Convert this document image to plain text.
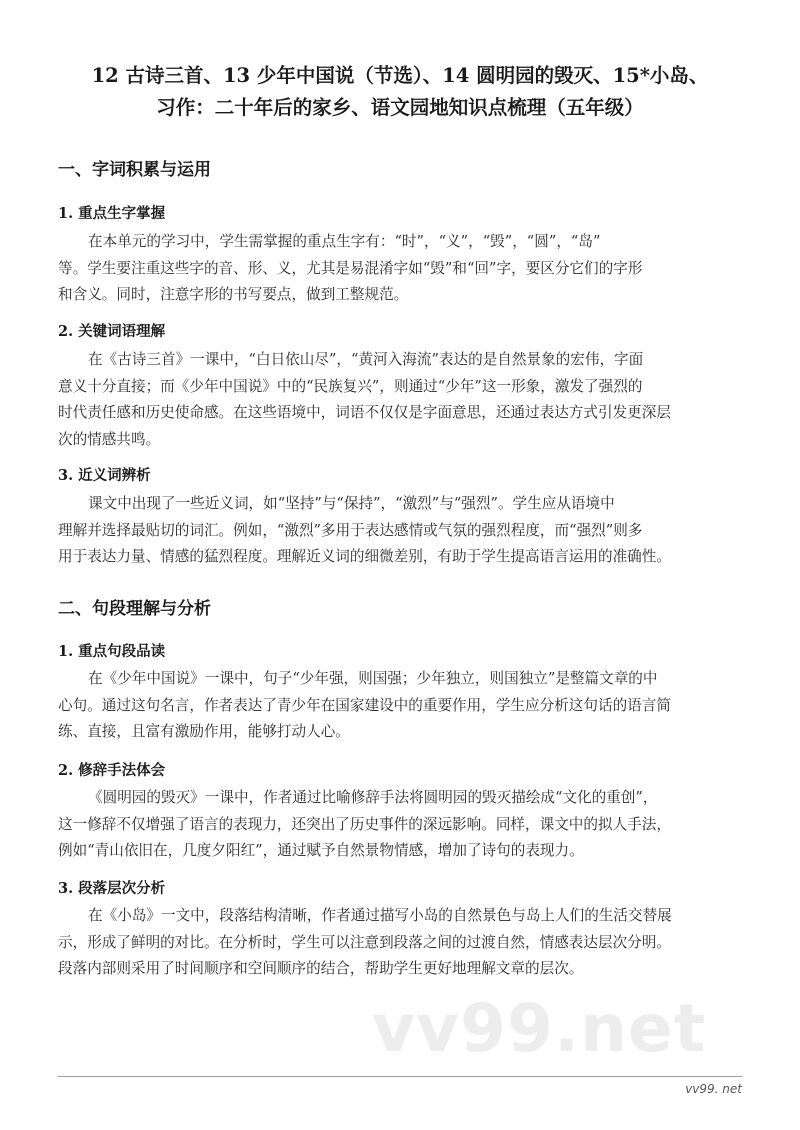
12 古诗三首、13 少年中国说（节选）、14 圆明园的毁灭、15*小岛、
习作：二十年后的家乡、语文园地知识点梳理（五年级）
一、字词积累与运用
1. 重点生字掌握
在本单元的学习中，学生需掌握的重点生字有：“时”，“义”，“毁”，“圆”，“岛”
等。学生要注重这些字的音、形、义，尤其是易混淆字如“毁”和“回”字，要区分它们的字形
和含义。同时，注意字形的书写要点，做到工整规范。
2. 关键词语理解
在《古诗三首》一课中，“白日依山尽”，“黄河入海流”表达的是自然景象的宏伟，字面
意义十分直接；而《少年中国说》中的“民族复兴”，则通过“少年”这一形象，激发了强烈的
时代责任感和历史使命感。在这些语境中，词语不仅仅是字面意思，还通过表达方式引发更深层
次的情感共鸣。
3. 近义词辨析
课文中出现了一些近义词，如“坚持”与“保持”，“激烈”与“强烈”。学生应从语境中
理解并选择最贴切的词汇。例如，“激烈”多用于表达感情或气氛的强烈程度，而“强烈”则多
用于表达力量、情感的猛烈程度。理解近义词的细微差别，有助于学生提高语言运用的准确性。
二、句段理解与分析
1. 重点句段品读
在《少年中国说》一课中，句子“少年强，则国强；少年独立，则国独立”是整篇文章的中
心句。通过这句名言，作者表达了青少年在国家建设中的重要作用，学生应分析这句话的语言简
练、直接，且富有激励作用，能够打动人心。
2. 修辞手法体会
《圆明园的毁灭》一课中，作者通过比喻修辞手法将圆明园的毁灭描绘成“文化的重创”，
这一修辞不仅增强了语言的表现力，还突出了历史事件的深远影响。同样，课文中的拟人手法，
例如“青山依旧在，几度夕阳红”，通过赋予自然景物情感，增加了诗句的表现力。
3. 段落层次分析
在《小岛》一文中，段落结构清晰，作者通过描写小岛的自然景色与岛上人们的生活交替展
示，形成了鲜明的对比。在分析时，学生可以注意到段落之间的过渡自然，情感表达层次分明。
段落内部则采用了时间顺序和空间顺序的结合，帮助学生更好地理解文章的层次。
vv99.net
vv99. net
